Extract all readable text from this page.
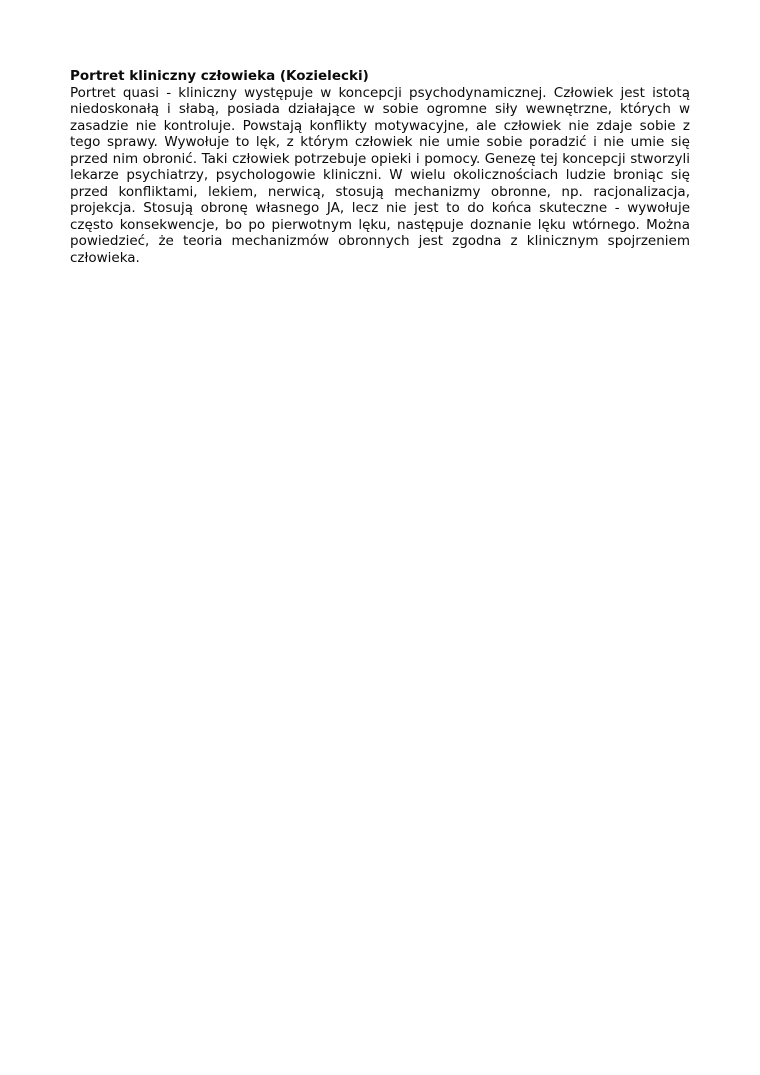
Portret kliniczny człowieka (Kozielecki)
Portret quasi - kliniczny występuje w koncepcji psychodynamicznej. Człowiek jest istotą niedoskonałą i słabą, posiada działające w sobie ogromne siły wewnętrzne, których w zasadzie nie kontroluje. Powstają konflikty motywacyjne, ale człowiek nie zdaje sobie z tego sprawy. Wywołuje to lęk, z którym człowiek nie umie sobie poradzić i nie umie się przed nim obronić. Taki człowiek potrzebuje opieki i pomocy. Genezę tej koncepcji stworzyli lekarze psychiatrzy, psychologowie kliniczni. W wielu okolicznościach ludzie broniąc się przed konfliktami, lekiem, nerwicą, stosują mechanizmy obronne, np. racjonalizacja, projekcja. Stosują obronę własnego JA, lecz nie jest to do końca skuteczne - wywołuje często konsekwencje, bo po pierwotnym lęku, następuje doznanie lęku wtórnego. Można powiedzieć, że teoria mechanizmów obronnych jest zgodna z klinicznym spojrzeniem człowieka.
